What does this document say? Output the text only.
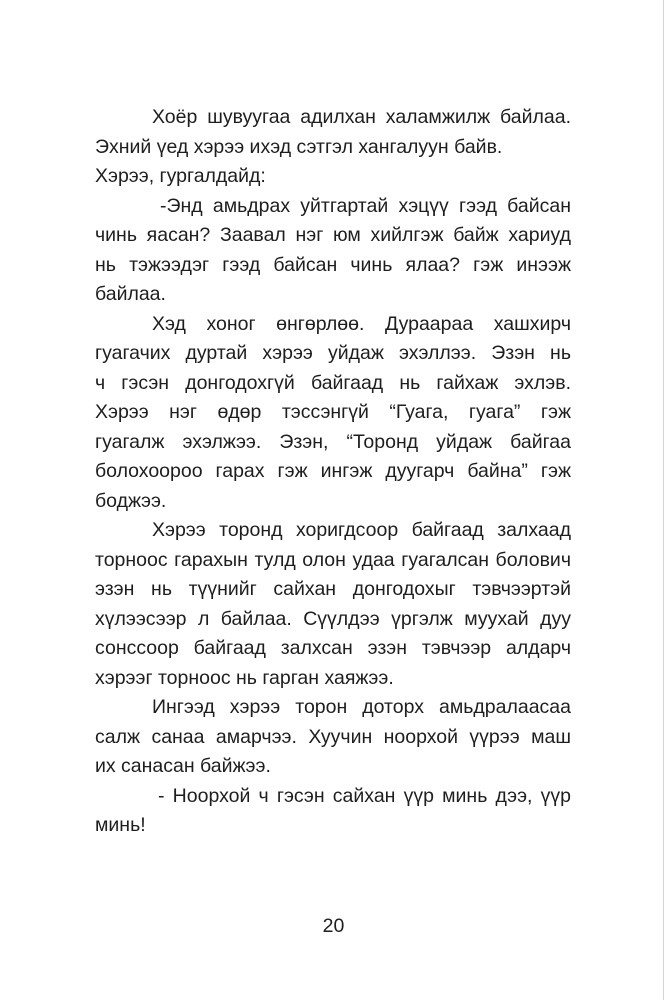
Хоёр шувуугаа адилхан халамжилж байлаа.
Эхний үед хэрээ ихэд сэтгэл хангалуун байв.
Хэрээ, гургалдайд:
-Энд амьдрах уйтгартай хэцүү гээд байсан
чинь яасан? Заавал нэг юм хийлгэж байж хариуд
нь тэжээдэг гээд байсан чинь ялаа? гэж инээж
байлаа.
Хэд хоног өнгөрлөө. Дураараа хашхирч
гуагачих дуртай хэрээ уйдаж эхэллээ. Эзэн нь
ч гэсэн донгодохгүй байгаад нь гайхаж эхлэв.
Хэрээ нэг өдөр тэссэнгүй “Гуага, гуага” гэж
гуагалж эхэлжээ. Эзэн, “Торонд уйдаж байгаа
болохоороо гарах гэж ингэж дуугарч байна” гэж
боджээ.
Хэрээ торонд хоригдсоор байгаад залхаад
торноос гарахын тулд олон удаа гуагалсан болович
эзэн нь түүнийг сайхан донгодохыг тэвчээртэй
хүлээсээр л байлаа. Сүүлдээ үргэлж муухай дуу
сонссоор байгаад залхсан эзэн тэвчээр алдарч
хэрээг торноос нь гарган хаяжээ.
Ингээд хэрээ торон доторх амьдралаасаа
салж санаа амарчээ. Хуучин ноорхой үүрээ маш
их санасан байжээ.
- Ноорхой ч гэсэн сайхан үүр минь дээ, үүр
минь!
20
